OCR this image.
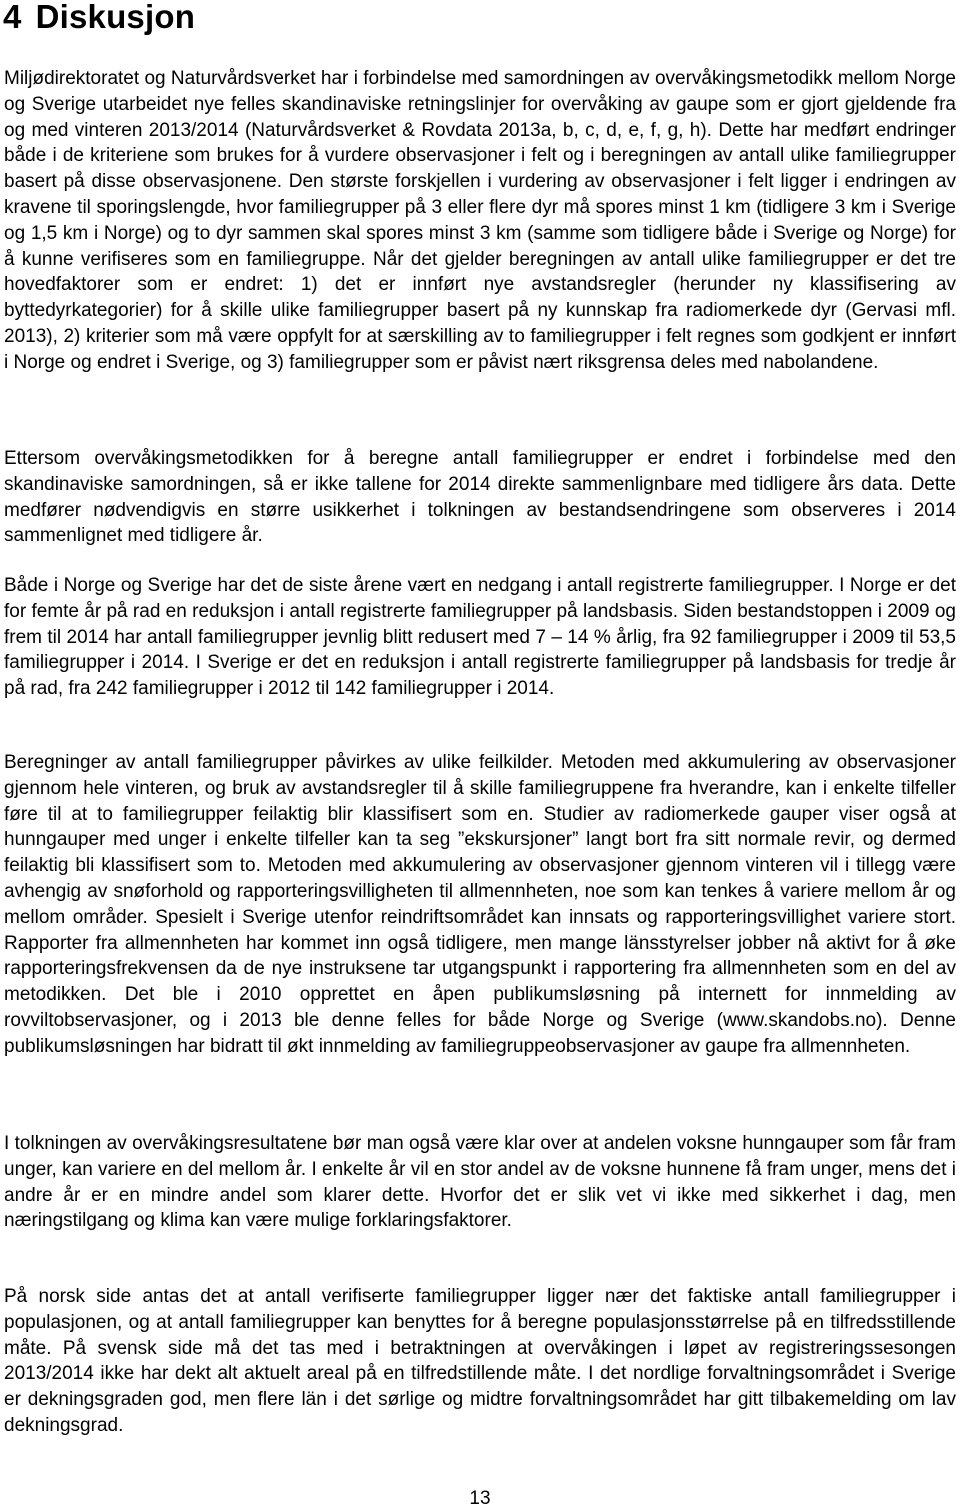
4 Diskusjon

Miljødirektoratet og Naturvårdsverket har i forbindelse med samordningen av overvåkingsmetodikk mellom Norge og Sverige utarbeidet nye felles skandinaviske retningslinjer for overvåking av gaupe som er gjort gjeldende fra og med vinteren 2013/2014 (Naturvårdsverket & Rovdata 2013a, b, c, d, e, f, g, h). Dette har medført endringer både i de kriteriene som brukes for å vurdere observasjoner i felt og i beregningen av antall ulike familiegrupper basert på disse observasjonene. Den største forskjellen i vurdering av observasjoner i felt ligger i endringen av kravene til sporingslengde, hvor familiegrupper på 3 eller flere dyr må spores minst 1 km (tidligere 3 km i Sverige og 1,5 km i Norge) og to dyr sammen skal spores minst 3 km (samme som tidligere både i Sverige og Norge) for å kunne verifiseres som en familiegruppe. Når det gjelder beregningen av antall ulike familiegrupper er det tre hovedfaktorer som er endret: 1) det er innført nye avstandsregler (herunder ny klassifisering av byttedyrkategorier) for å skille ulike familiegrupper basert på ny kunnskap fra radiomerkede dyr (Gervasi mfl. 2013), 2) kriterier som må være oppfylt for at særskilling av to familiegrupper i felt regnes som godkjent er innført i Norge og endret i Sverige, og 3) familiegrupper som er påvist nært riksgrensa deles med nabolandene.

Ettersom overvåkingsmetodikken for å beregne antall familiegrupper er endret i forbindelse med den skandinaviske samordningen, så er ikke tallene for 2014 direkte sammenlignbare med tidligere års data. Dette medfører nødvendigvis en større usikkerhet i tolkningen av bestandsendringene som observeres i 2014 sammenlignet med tidligere år.

Både i Norge og Sverige har det de siste årene vært en nedgang i antall registrerte familiegrupper. I Norge er det for femte år på rad en reduksjon i antall registrerte familiegrupper på landsbasis. Siden bestandstoppen i 2009 og frem til 2014 har antall familiegrupper jevnlig blitt redusert med 7 – 14 % årlig, fra 92 familiegrupper i 2009 til 53,5 familiegrupper i 2014. I Sverige er det en reduksjon i antall registrerte familiegrupper på landsbasis for tredje år på rad, fra 242 familiegrupper i 2012 til 142 familiegrupper i 2014.

Beregninger av antall familiegrupper påvirkes av ulike feilkilder. Metoden med akkumulering av observasjoner gjennom hele vinteren, og bruk av avstandsregler til å skille familiegruppene fra hverandre, kan i enkelte tilfeller føre til at to familiegrupper feilaktig blir klassifisert som en. Studier av radiomerkede gauper viser også at hunngauper med unger i enkelte tilfeller kan ta seg ”ekskursjoner” langt bort fra sitt normale revir, og dermed feilaktig bli klassifisert som to. Metoden med akkumulering av observasjoner gjennom vinteren vil i tillegg være avhengig av snøforhold og rapporteringsvilligheten til allmennheten, noe som kan tenkes å variere mellom år og mellom områder. Spesielt i Sverige utenfor reindriftsområdet kan innsats og rapporteringsvillighet variere stort. Rapporter fra allmennheten har kommet inn også tidligere, men mange länsstyrelser jobber nå aktivt for å øke rapporteringsfrekvensen da de nye instruksene tar utgangspunkt i rapportering fra allmennheten som en del av metodikken. Det ble i 2010 opprettet en åpen publikumsløsning på internett for innmelding av rovviltobservasjoner, og i 2013 ble denne felles for både Norge og Sverige (www.skandobs.no). Denne publikumsløsningen har bidratt til økt innmelding av familiegruppeobservasjoner av gaupe fra allmennheten.

I tolkningen av overvåkingsresultatene bør man også være klar over at andelen voksne hunngauper som får fram unger, kan variere en del mellom år. I enkelte år vil en stor andel av de voksne hunnene få fram unger, mens det i andre år er en mindre andel som klarer dette. Hvorfor det er slik vet vi ikke med sikkerhet i dag, men næringstilgang og klima kan være mulige forklaringsfaktorer.

På norsk side antas det at antall verifiserte familiegrupper ligger nær det faktiske antall familiegrupper i populasjonen, og at antall familiegrupper kan benyttes for å beregne populasjonsstørrelse på en tilfredsstillende måte. På svensk side må det tas med i betraktningen at overvåkingen i løpet av registreringssesongen 2013/2014 ikke har dekt alt aktuelt areal på en tilfredstillende måte. I det nordlige forvaltningsområdet i Sverige er dekningsgraden god, men flere län i det sørlige og midtre forvaltningsområdet har gitt tilbakemelding om lav dekningsgrad.

13
